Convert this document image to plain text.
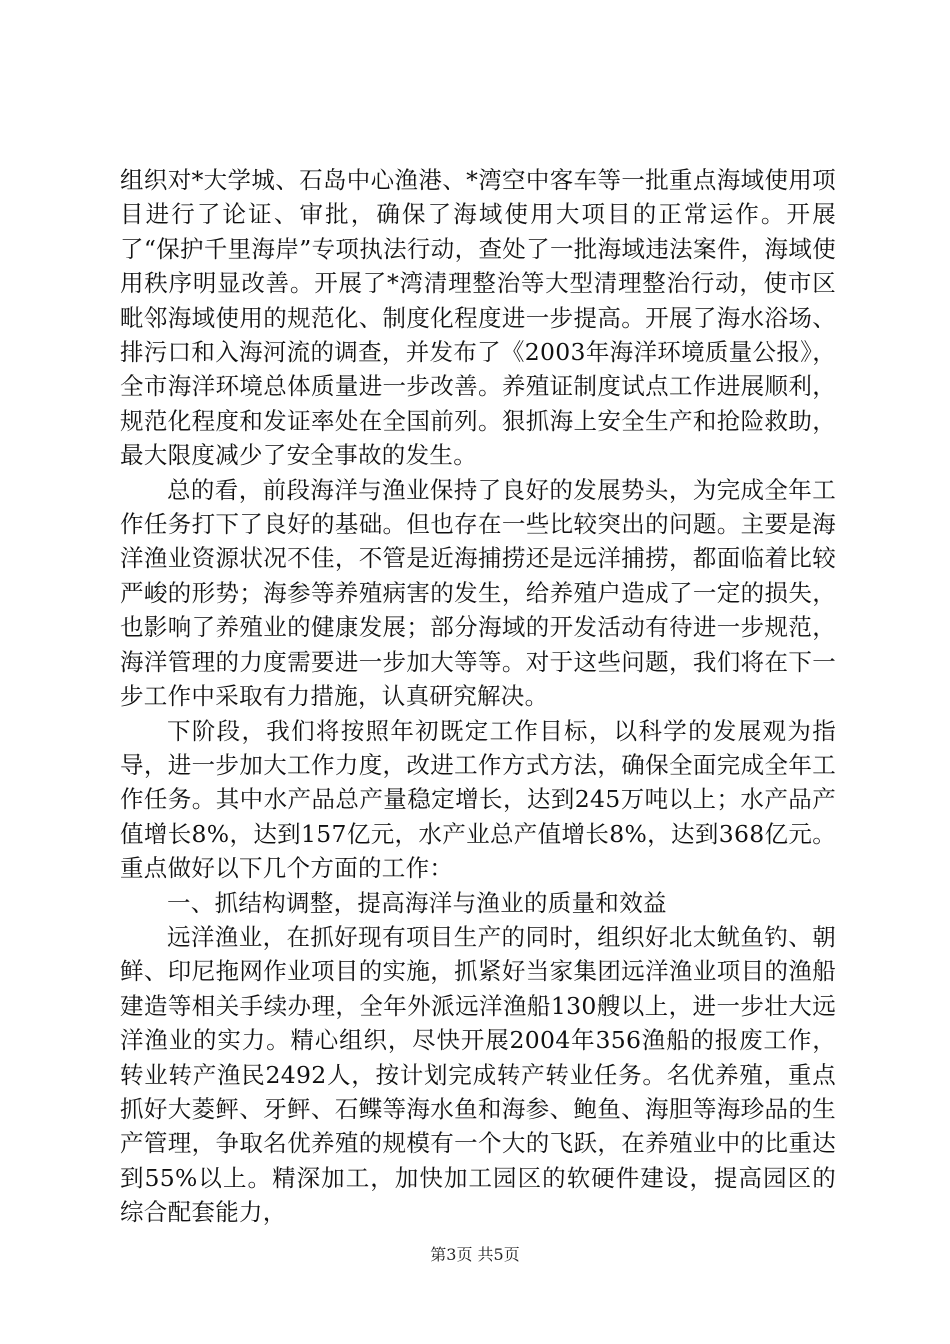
组织对*大学城、石岛中心渔港、*湾空中客车等一批重点海域使用项目进行了论证、审批，确保了海域使用大项目的正常运作。开展了“保护千里海岸”专项执法行动，查处了一批海域违法案件，海域使用秩序明显改善。开展了*湾清理整治等大型清理整治行动，使市区毗邻海域使用的规范化、制度化程度进一步提高。开展了海水浴场、排污口和入海河流的调查，并发布了《2003年海洋环境质量公报》，全市海洋环境总体质量进一步改善。养殖证制度试点工作进展顺利，规范化程度和发证率处在全国前列。狠抓海上安全生产和抢险救助，最大限度减少了安全事故的发生。

总的看，前段海洋与渔业保持了良好的发展势头，为完成全年工作任务打下了良好的基础。但也存在一些比较突出的问题。主要是海洋渔业资源状况不佳，不管是近海捕捞还是远洋捕捞，都面临着比较严峻的形势；海参等养殖病害的发生，给养殖户造成了一定的损失，也影响了养殖业的健康发展；部分海域的开发活动有待进一步规范，海洋管理的力度需要进一步加大等等。对于这些问题，我们将在下一步工作中采取有力措施，认真研究解决。

下阶段，我们将按照年初既定工作目标，以科学的发展观为指导，进一步加大工作力度，改进工作方式方法，确保全面完成全年工作任务。其中水产品总产量稳定增长，达到245万吨以上；水产品产值增长8%，达到157亿元，水产业总产值增长8%，达到368亿元。重点做好以下几个方面的工作：

一、抓结构调整，提高海洋与渔业的质量和效益

远洋渔业，在抓好现有项目生产的同时，组织好北太鱿鱼钓、朝鲜、印尼拖网作业项目的实施，抓紧好当家集团远洋渔业项目的渔船建造等相关手续办理，全年外派远洋渔船130艘以上，进一步壮大远洋渔业的实力。精心组织，尽快开展2004年356渔船的报废工作，转业转产渔民2492人，按计划完成转产转业任务。名优养殖，重点抓好大菱鲆、牙鲆、石鲽等海水鱼和海参、鲍鱼、海胆等海珍品的生产管理，争取名优养殖的规模有一个大的飞跃，在养殖业中的比重达到55%以上。精深加工，加快加工园区的软硬件建设，提高园区的综合配套能力，

第3页 共5页
